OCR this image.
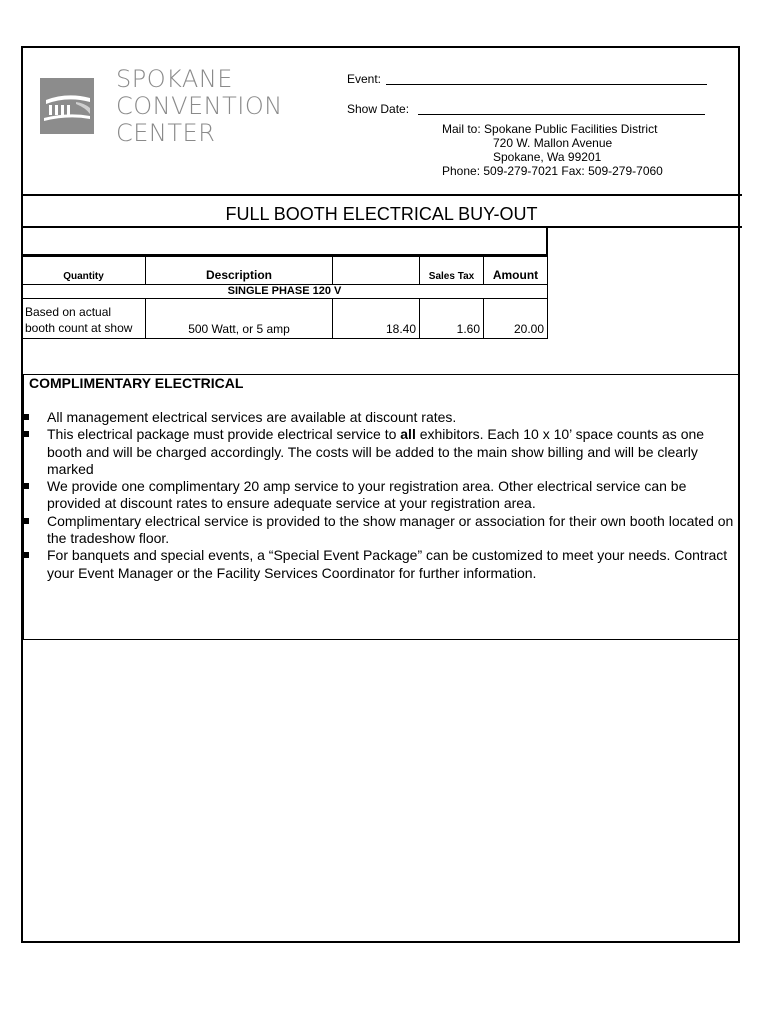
SPOKANE
CONVENTION
CENTER
Event:
Show Date:
Mail to: Spokane Public Facilities District
720 W. Mallon Avenue
Spokane, Wa 99201
Phone: 509-279-7021 Fax: 509-279-7060
FULL BOOTH ELECTRICAL BUY-OUT
Quantity	Description		Sales Tax	Amount
SINGLE PHASE 120 V				

Based on actual
booth count at show	500 Watt, or 5 amp	18.40	1.60	20.00
COMPLIMENTARY ELECTRICAL
All management electrical services are available at discount rates.
This electrical package must provide electrical service to all exhibitors. Each 10 x 10’ space counts as one booth and will be charged accordingly. The costs will be added to the main show billing and will be clearly marked
We provide one complimentary 20 amp service to your registration area. Other electrical service can be provided at discount rates to ensure adequate service at your registration area.
Complimentary electrical service is provided to the show manager or association for their own booth located on the tradeshow floor.
For banquets and special events, a “Special Event Package” can be customized to meet your needs. Contract your Event Manager or the Facility Services Coordinator for further information.
